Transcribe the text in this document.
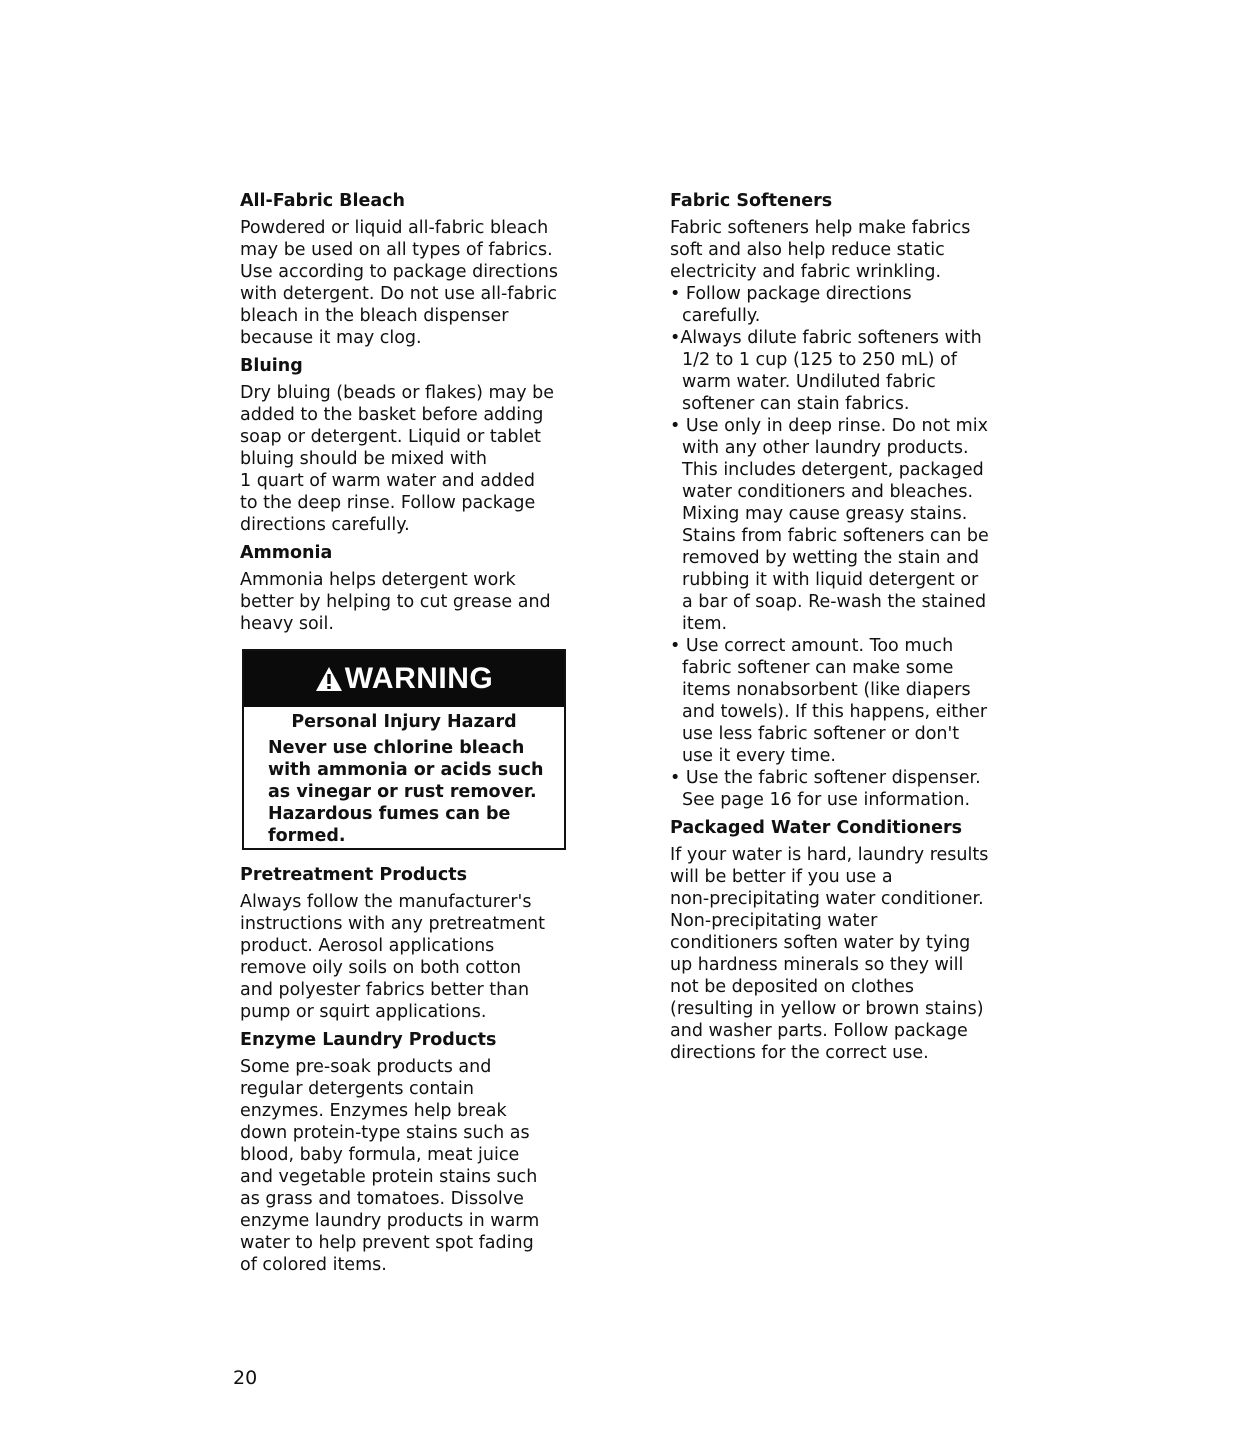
All-Fabric Bleach

Powdered or liquid all-fabric bleach
may be used on all types of fabrics.
Use according to package directions
with detergent. Do not use all-fabric
bleach in the bleach dispenser
because it may clog.

Bluing

Dry bluing (beads or flakes) may be
added to the basket before adding
soap or detergent. Liquid or tablet
bluing should be mixed with
1 quart of warm water and added
to the deep rinse. Follow package
directions carefully.

Ammonia

Ammonia helps detergent work
better by helping to cut grease and
heavy soil.

WARNING
Personal Injury Hazard
Never use chlorine bleach
with ammonia or acids such
as vinegar or rust remover.
Hazardous fumes can be
formed.

Pretreatment Products

Always follow the manufacturer's
instructions with any pretreatment
product. Aerosol applications
remove oily soils on both cotton
and polyester fabrics better than
pump or squirt applications.

Enzyme Laundry Products

Some pre-soak products and
regular detergents contain
enzymes. Enzymes help break
down protein-type stains such as
blood, baby formula, meat juice
and vegetable protein stains such
as grass and tomatoes. Dissolve
enzyme laundry products in warm
water to help prevent spot fading
of colored items.

Fabric Softeners

Fabric softeners help make fabrics
soft and also help reduce static
electricity and fabric wrinkling.

• Follow package directions
carefully.

•Always dilute fabric softeners with
1/2 to 1 cup (125 to 250 mL) of
warm water. Undiluted fabric
softener can stain fabrics.

• Use only in deep rinse. Do not mix
with any other laundry products.
This includes detergent, packaged
water conditioners and bleaches.
Mixing may cause greasy stains.
Stains from fabric softeners can be
removed by wetting the stain and
rubbing it with liquid detergent or
a bar of soap. Re-wash the stained
item.

• Use correct amount. Too much
fabric softener can make some
items nonabsorbent (like diapers
and towels). If this happens, either
use less fabric softener or don't
use it every time.

• Use the fabric softener dispenser.
See page 16 for use information.

Packaged Water Conditioners

If your water is hard, laundry results
will be better if you use a
non-precipitating water conditioner.
Non-precipitating water
conditioners soften water by tying
up hardness minerals so they will
not be deposited on clothes
(resulting in yellow or brown stains)
and washer parts. Follow package
directions for the correct use.

20
